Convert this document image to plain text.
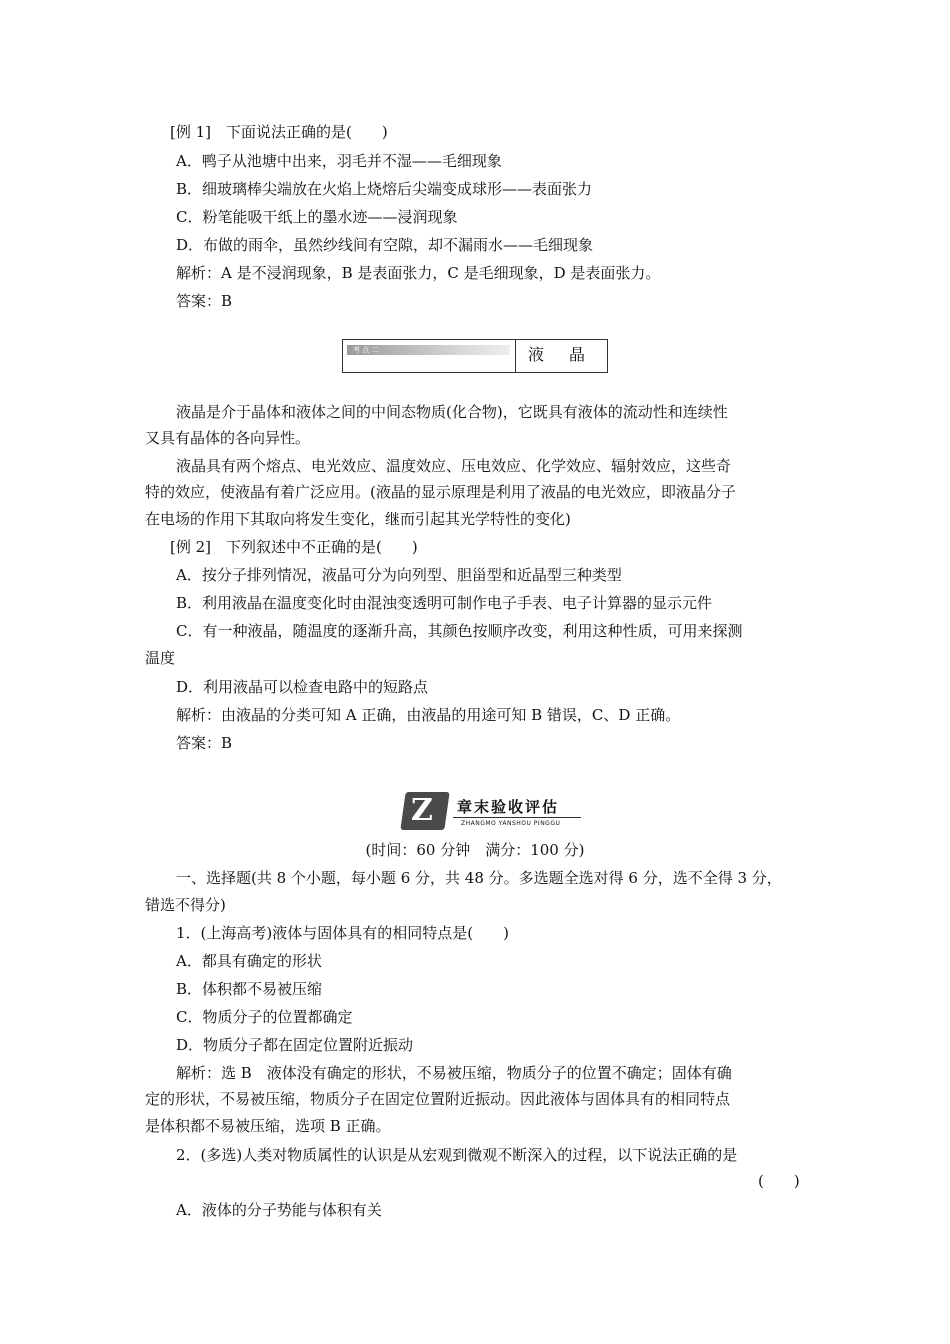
[例 1]　下面说法正确的是(　　)
A．鸭子从池塘中出来，羽毛并不湿——毛细现象
B．细玻璃棒尖端放在火焰上烧熔后尖端变成球形——表面张力
C．粉笔能吸干纸上的墨水迹——浸润现象
D．布做的雨伞，虽然纱线间有空隙，却不漏雨水——毛细现象
解析：A 是不浸润现象，B 是表面张力，C 是毛细现象，D 是表面张力。
答案：B
考 点 二	液 晶
液晶是介于晶体和液体之间的中间态物质(化合物)，它既具有液体的流动性和连续性
又具有晶体的各向异性。
液晶具有两个熔点、电光效应、温度效应、压电效应、化学效应、辐射效应，这些奇
特的效应，使液晶有着广泛应用。(液晶的显示原理是利用了液晶的电光效应，即液晶分子
在电场的作用下其取向将发生变化，继而引起其光学特性的变化)
[例 2]　下列叙述中不正确的是(　　)
A．按分子排列情况，液晶可分为向列型、胆甾型和近晶型三种类型
B．利用液晶在温度变化时由混浊变透明可制作电子手表、电子计算器的显示元件
C．有一种液晶，随温度的逐渐升高，其颜色按顺序改变，利用这种性质，可用来探测
温度
D．利用液晶可以检查电路中的短路点
解析：由液晶的分类可知 A 正确，由液晶的用途可知 B 错误，C、D 正确。
答案：B
Z	章末验收评估
ZHANGMO YANSHOU PINGGU
(时间：60 分钟　满分：100 分)
一、选择题(共 8 个小题，每小题 6 分，共 48 分。多选题全选对得 6 分，选不全得 3 分，
错选不得分)
1．(上海高考)液体与固体具有的相同特点是(　　)
A．都具有确定的形状
B．体积都不易被压缩
C．物质分子的位置都确定
D．物质分子都在固定位置附近振动
解析：选 B　液体没有确定的形状，不易被压缩，物质分子的位置不确定；固体有确
定的形状，不易被压缩，物质分子在固定位置附近振动。因此液体与固体具有的相同特点
是体积都不易被压缩，选项 B 正确。
2．(多选)人类对物质属性的认识是从宏观到微观不断深入的过程，以下说法正确的是
(　　)
A．液体的分子势能与体积有关
